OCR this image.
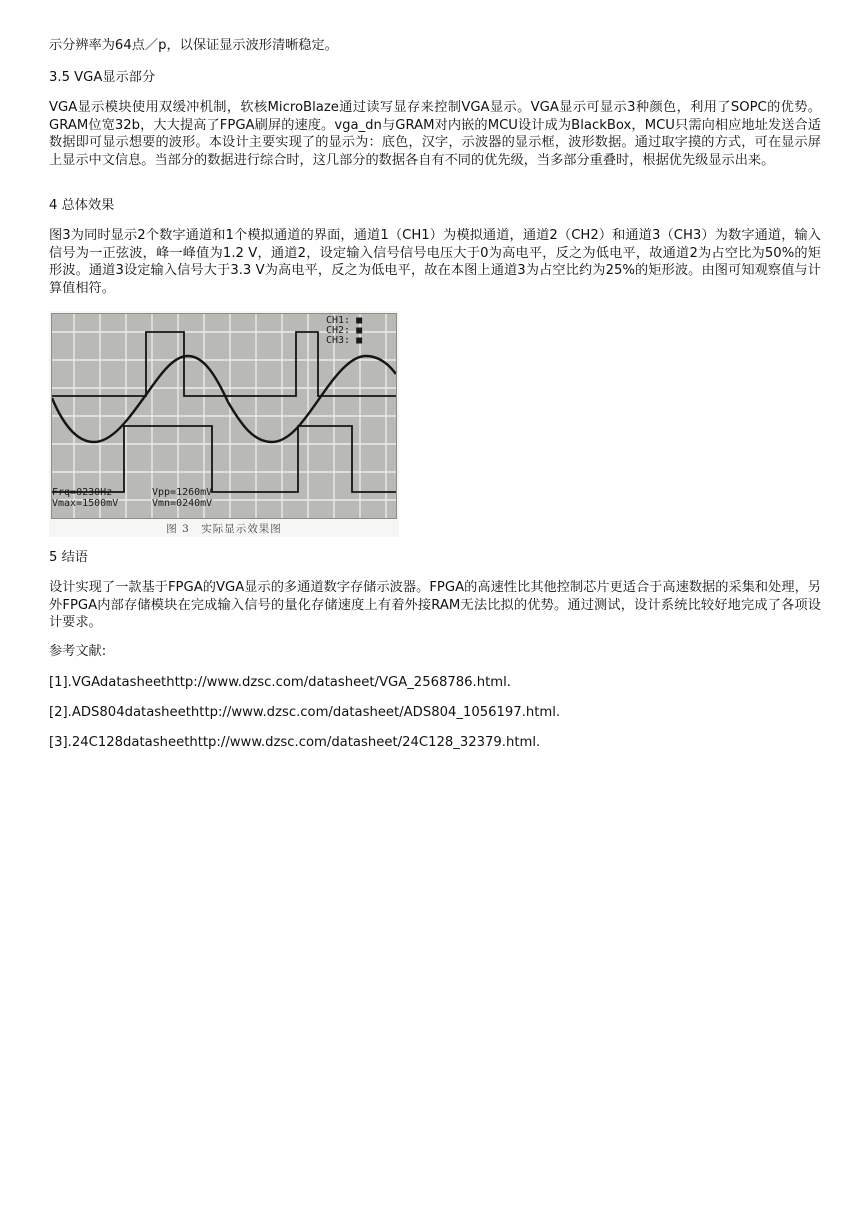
示分辨率为64点／p，以保证显示波形清晰稳定。

3.5 VGA显示部分

VGA显示模块使用双缓冲机制，软核MicroBlaze通过读写显存来控制VGA显示。VGA显示可显示3种颜色，利用了SOPC的优势。GRAM位宽32b，大大提高了FPGA刷屏的速度。vga_dn与GRAM对内嵌的MCU设计成为BlackBox，MCU只需向相应地址发送合适数据即可显示想要的波形。本设计主要实现了的显示为：底色，汉字，示波器的显示框，波形数据。通过取字摸的方式，可在显示屏上显示中文信息。当部分的数据进行综合时，这几部分的数据各自有不同的优先级，当多部分重叠时，根据优先级显示出来。

4 总体效果

图3为同时显示2个数字通道和1个模拟通道的界面，通道1（CH1）为模拟通道，通道2（CH2）和通道3（CH3）为数字通道，输入信号为一正弦波，峰一峰值为1.2 V，通道2，设定输入信号信号电压大于0为高电平，反之为低电平，故通道2为占空比为50%的矩形波。通道3设定输入信号大于3.3 V为高电平，反之为低电平，故在本图上通道3为占空比约为25%的矩形波。由图可知观察值与计算值相符。

CH1: ■
CH2: ■
CH3: ■
Frq=0230Hz
Vmax=1500mV
Vpp=1260mV
Vmn=0240mV
图 3　实际显示效果图

5 结语

设计实现了一款基于FPGA的VGA显示的多通道数字存储示波器。FPGA的高速性比其他控制芯片更适合于高速数据的采集和处理，另外FPGA内部存储模块在完成输入信号的量化存储速度上有着外接RAM无法比拟的优势。通过测试，设计系统比较好地完成了各项设计要求。

参考文献:

[1].VGAdatasheethttp://www.dzsc.com/datasheet/VGA_2568786.html.

[2].ADS804datasheethttp://www.dzsc.com/datasheet/ADS804_1056197.html.

[3].24C128datasheethttp://www.dzsc.com/datasheet/24C128_32379.html.
